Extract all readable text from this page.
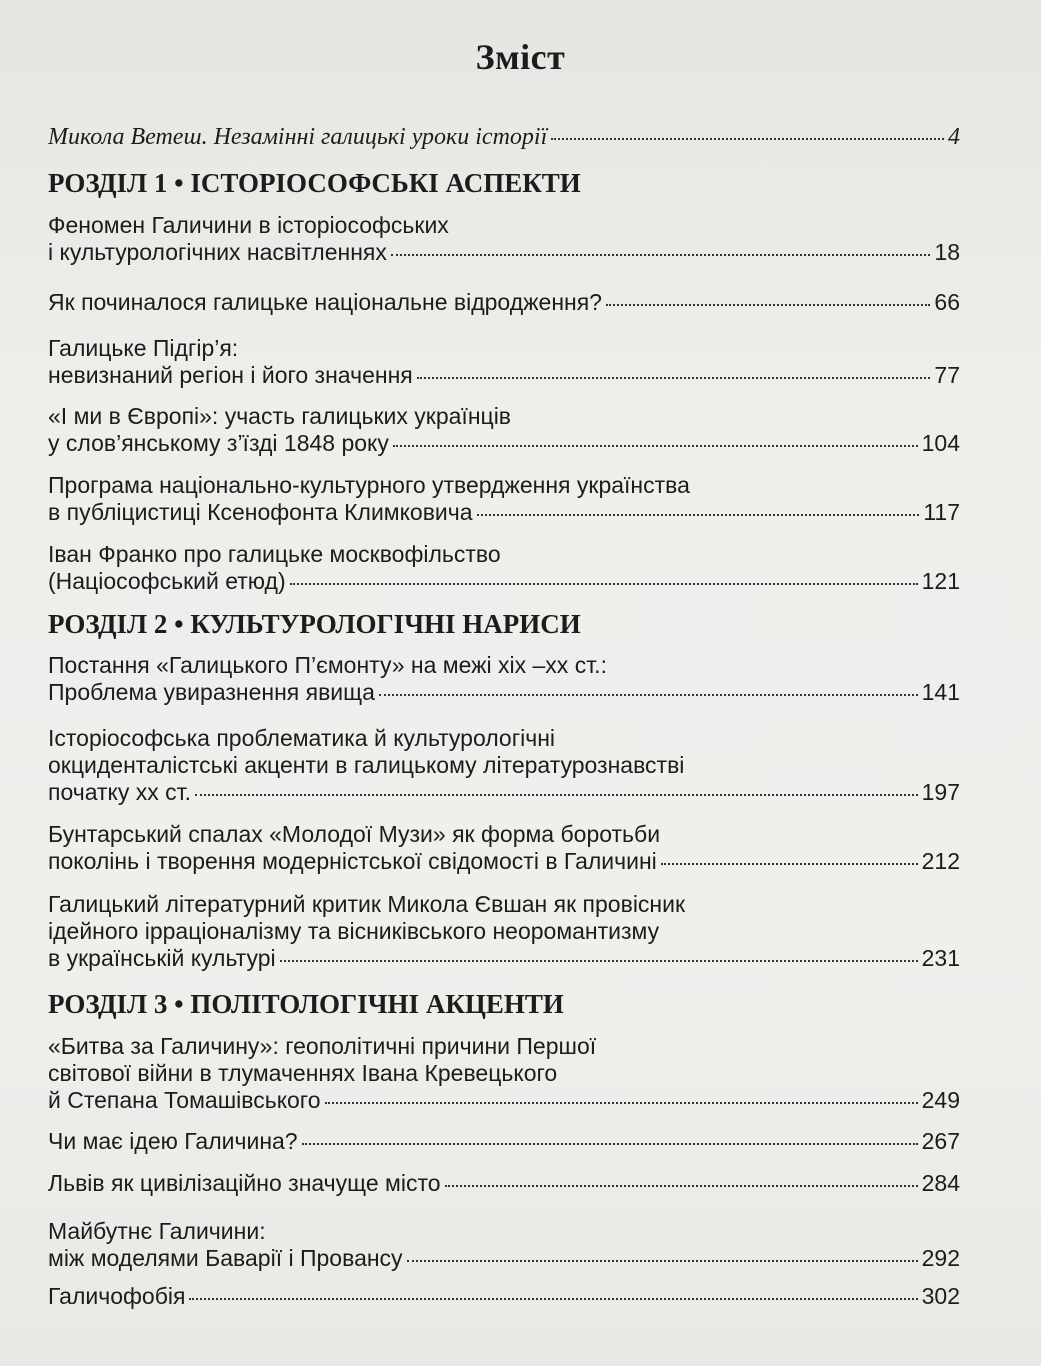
Зміст
Микола Ветеш. Незамінні галицькі уроки історії	4
РОЗДІЛ 1 • ІСТОРІОСОФСЬКІ АСПЕКТИ
РОЗДІЛ 2 • КУЛЬТУРОЛОГІЧНІ НАРИСИ
РОЗДІЛ 3 • ПОЛІТОЛОГІЧНІ АКЦЕНТИ
Феномен Галичини в історіософських
і культурологічних насвітленнях	18
Як починалося галицьке національне відродження?	66
Галицьке Підгір’я:
невизнаний регіон і його значення	77
«І ми в Європі»: участь галицьких українців
у слов’янському з’їзді 1848 року	104
Програма національно-культурного утвердження українства
в публіцистиці Ксенофонта Климковича	117
Іван Франко про галицьке москвофільство
(Націософський етюд)	121
Постання «Галицького П’ємонту» на межі хіх –хх ст.:
Проблема увиразнення явища	141
Історіософська проблематика й культурологічні
окциденталістські акценти в галицькому літературознавстві
початку хх ст.	197
Бунтарський спалах «Молодої Музи» як форма боротьби
поколінь і творення модерністської свідомості в Галичині	212
Галицький літературний критик Микола Євшан як провісник
ідейного ірраціоналізму та вісниківського неоромантизму
в українській культурі	231
«Битва за Галичину»: геополітичні причини Першої
світової війни в тлумаченнях Івана Кревецького
й Степана Томашівського	249
Чи має ідею Галичина?	267
Львів як цивілізаційно значуще місто	284
Майбутнє Галичини:
між моделями Баварії і Провансу	292
Галичофобія	302
